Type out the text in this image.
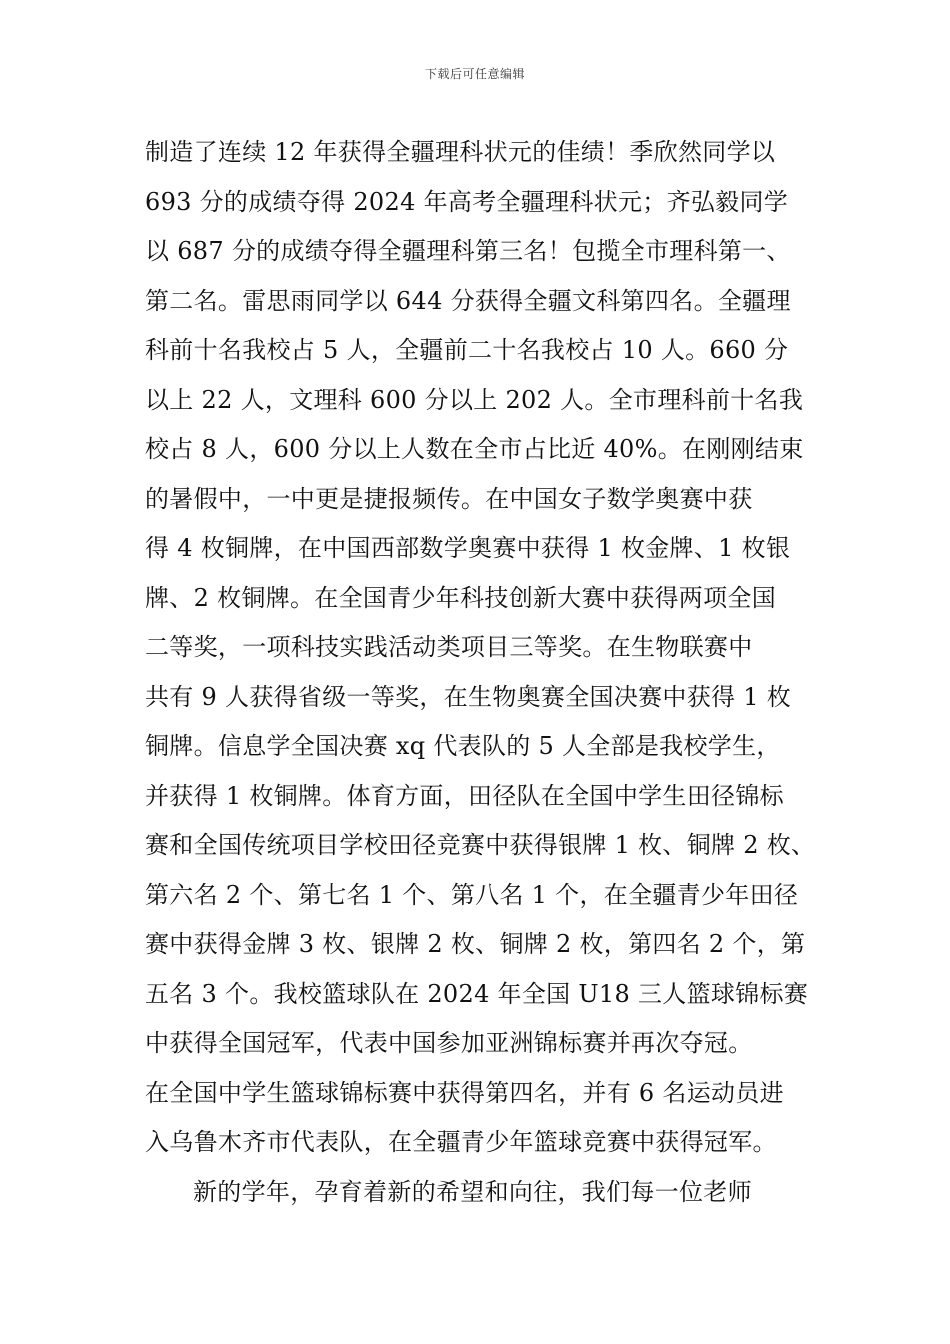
下载后可任意编辑
制造了连续 12 年获得全疆理科状元的佳绩！季欣然同学以
693 分的成绩夺得 2024 年高考全疆理科状元；齐弘毅同学
以 687 分的成绩夺得全疆理科第三名！包揽全市理科第一、
第二名。雷思雨同学以 644 分获得全疆文科第四名。全疆理
科前十名我校占 5 人，全疆前二十名我校占 10 人。660 分
以上 22 人，文理科 600 分以上 202 人。全市理科前十名我
校占 8 人，600 分以上人数在全市占比近 40%。在刚刚结束
的暑假中，一中更是捷报频传。在中国女子数学奥赛中获
得 4 枚铜牌，在中国西部数学奥赛中获得 1 枚金牌、1 枚银
牌、2 枚铜牌。在全国青少年科技创新大赛中获得两项全国
二等奖，一项科技实践活动类项目三等奖。在生物联赛中
共有 9 人获得省级一等奖，在生物奥赛全国决赛中获得 1 枚
铜牌。信息学全国决赛 xq 代表队的 5 人全部是我校学生，
并获得 1 枚铜牌。体育方面，田径队在全国中学生田径锦标
赛和全国传统项目学校田径竞赛中获得银牌 1 枚、铜牌 2 枚、
第六名 2 个、第七名 1 个、第八名 1 个，在全疆青少年田径
赛中获得金牌 3 枚、银牌 2 枚、铜牌 2 枚，第四名 2 个，第
五名 3 个。我校篮球队在 2024 年全国 U18 三人篮球锦标赛
中获得全国冠军，代表中国参加亚洲锦标赛并再次夺冠。
在全国中学生篮球锦标赛中获得第四名，并有 6 名运动员进
入乌鲁木齐市代表队，在全疆青少年篮球竞赛中获得冠军。
新的学年，孕育着新的希望和向往，我们每一位老师
